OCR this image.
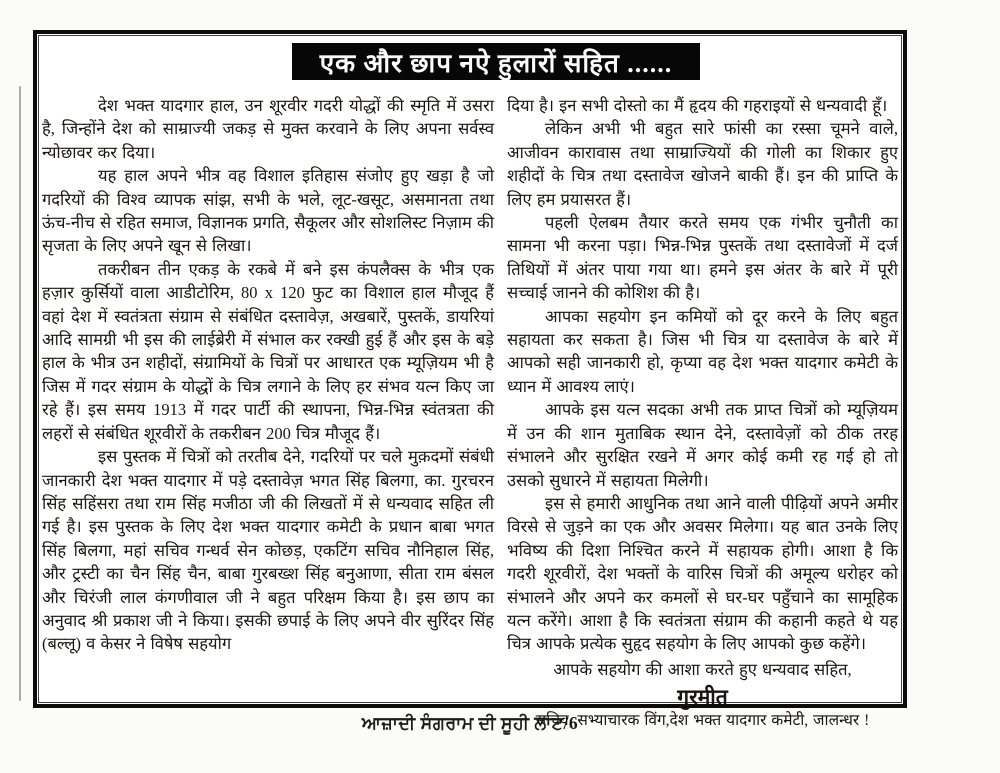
एक और छाप नऐ हुलारों सहित ......

देश भक्त यादगार हाल, उन शूरवीर गदरी योद्धों की स्मृति में उसरा है, जिन्होंने देश को साम्राज्यी जकड़ से मुक्त करवाने के लिए अपना सर्वस्व न्योछावर कर दिया।

यह हाल अपने भीत्र वह विशाल इतिहास संजोए हुए खड़ा है जो गदरियों की विश्व व्यापक सांझ, सभी के भले, लूट-खसूट, असमानता तथा ऊंच-नीच से रहित समाज, विज्ञानक प्रगति, सैकूलर और सोशलिस्ट निज़ाम की सृजता के लिए अपने खून से लिखा।

तकरीबन तीन एकड़ के रकबे में बने इस कंपलैक्स के भीत्र एक हज़ार कुर्सियों वाला आडीटोरिम, 80 x 120 फुट का विशाल हाल मौजूद हैं वहां देश में स्वतंत्रता संग्राम से संबंधित दस्तावेज़, अखबारें, पुस्तकें, डायरियां आदि सामग्री भी इस की लाईब्रेरी में संभाल कर रक्खी हुई हैं और इस के बड़े हाल के भीत्र उन शहीदों, संग्रामियों के चित्रों पर आधारत एक म्यूज़ियम भी है जिस में गदर संग्राम के योद्धों के चित्र लगाने के लिए हर संभव यत्न किए जा रहे हैं। इस समय 1913 में गदर पार्टी की स्थापना, भिन्न-भिन्न स्वंतत्रता की लहरों से संबंधित शूरवीरों के तकरीबन 200 चित्र मौजूद हैं।

इस पुस्तक में चित्रों को तरतीब देने, गदरियों पर चले मुक़दमों संबंधी जानकारी देश भक्त यादगार में पड़े दस्तावेज़ भगत सिंह बिलगा, का. गुरचरन सिंह सहिंसरा तथा राम सिंह मजीठा जी की लिखतों में से धन्यवाद सहित ली गई है। इस पुस्तक के लिए देश भक्त यादगार कमेटी के प्रधान बाबा भगत सिंह बिलगा, महां सचिव गन्धर्व सेन कोछड़, एकटिंग सचिव नौनिहाल सिंह, और ट्रस्टी का चैन सिंह चैन, बाबा गुरबख्श सिंह बनुआणा, सीता राम बंसल और चिरंजी लाल कंगणीवाल जी ने बहुत परिक्षम किया है। इस छाप का अनुवाद श्री प्रकाश जी ने किया। इसकी छपाई के लिए अपने वीर सुरिंदर सिंह (बल्लू) व केसर ने विषेष सहयोग

दिया है। इन सभी दोस्तो का मैं हृदय की गहराइयों से धन्यवादी हूँ।

लेकिन अभी भी बहुत सारे फांसी का रस्सा चूमने वाले, आजीवन कारावास तथा साम्राज्यियों की गोली का शिकार हुए शहीदों के चित्र तथा दस्तावेज खोजने बाकी हैं। इन की प्राप्ति के लिए हम प्रयासरत हैं।

पहली ऐलबम तैयार करते समय एक गंभीर चुनौती का सामना भी करना पड़ा। भिन्न-भिन्न पुस्तकें तथा दस्तावेजों में दर्ज तिथियों में अंतर पाया गया था। हमने इस अंतर के बारे में पूरी सच्चाई जानने की कोशिश की है।

आपका सहयोग इन कमियों को दूर करने के लिए बहुत सहायता कर सकता है। जिस भी चित्र या दस्तावेज के बारे में आपको सही जानकारी हो, कृप्या वह देश भक्त यादगार कमेटी के ध्यान में आवश्य लाएं।

आपके इस यत्न सदका अभी तक प्राप्त चित्रों को म्यूज़ियम में उन की शान मुताबिक स्थान देने, दस्तावेज़ों को ठीक तरह संभालने और सुरक्षित रखने में अगर कोई कमी रह गई हो तो उसको सुधारने में सहायता मिलेगी।

इस से हमारी आधुनिक तथा आने वाली पीढ़ियों अपने अमीर विरसे से जुड़ने का एक और अवसर मिलेगा। यह बात उनके लिए भविष्य की दिशा निश्चित करने में सहायक होगी। आशा है कि गदरी शूरवीरों, देश भक्तों के वारिस चित्रों की अमूल्य धरोहर को संभालने और अपने कर कमलों से घर-घर पहुँचाने का सामूहिक यत्न करेंगे। आशा है कि स्वतंत्रता संग्राम की कहानी कहते थे यह चित्र आपके प्रत्येक सुहृद सहयोग के लिए आपको कुछ कहेंगे।

आपके सहयोग की आशा करते हुए धन्यवाद सहित,

गुरमीत

सचिव, सभ्याचारक विंग,देश भक्त यादगार कमेटी, जालन्धर !

ਆਜ਼ਾਦੀ ਸੰਗਰਾਮ ਦੀ ਸੂਹੀ ਲਾਟ/6
